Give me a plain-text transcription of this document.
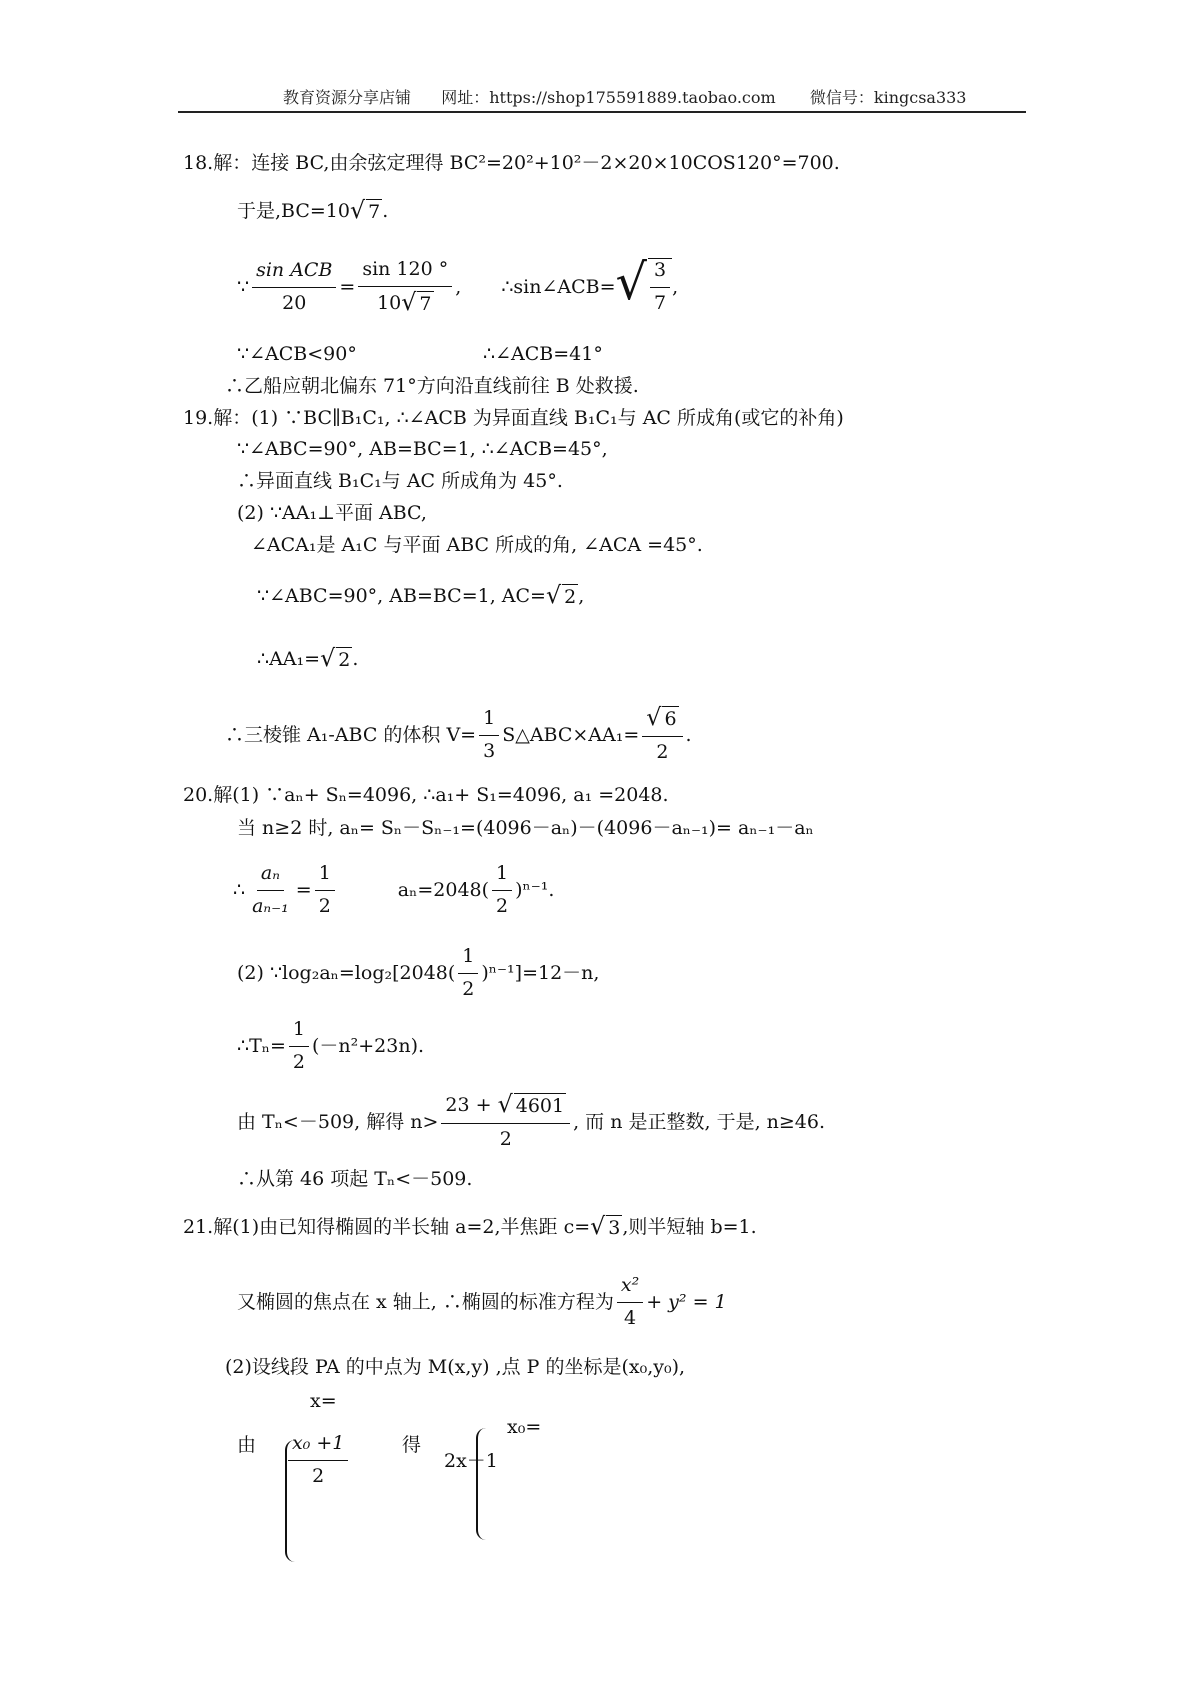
教育资源分享店铺 网址：https://shop175591889.taobao.com 微信号：kingcsa333
18.解：连接 BC,由余弦定理得 BC²=20²+10²－2×20×10COS120°=700.
于是,BC=10 √ 7 .
∵ $\frac{\text{sin ACB}}{20} = \frac{\sin 120 ^\circ}{10 √ 7}$ , ∴sin∠ACB= √ $\frac{3}{7}$ ,
∵∠ACB<90°	∴∠ACB=41°
∴乙船应朝北偏东 71°方向沿直线前往 B 处救援.
19.解：(1) ∵BC∥B₁C₁, ∴∠ACB 为异面直线 B₁C₁与 AC 所成角(或它的补角)
∵∠ABC=90°, AB=BC=1, ∴∠ACB=45°,
∴异面直线 B₁C₁与 AC 所成角为 45°.
(2) ∵AA₁⊥平面 ABC,
∠ACA₁是 A₁C 与平面 ABC 所成的角, ∠ACA =45°.
∵∠ABC=90°, AB=BC=1, AC= √ 2 ,
∴AA₁= √ 2 .
∴三棱锥 A₁-ABC 的体积 $V= \frac{1}{3}$ S△ABC×AA₁= $\frac{√ 6}{2}$ .
20.解(1) ∵aₙ+ Sₙ=4096, ∴a₁+ S₁=4096, a₁ =2048.
当 n≥2 时, aₙ= Sₙ－Sₙ₋₁=(4096－aₙ)－(4096－aₙ₋₁)= aₙ₋₁－aₙ
∴ $\frac{\text{aₙ}}{\text{aₙ₋₁}} = \frac{1}{2}$	$a_n=2048( \frac{1}{2} )^{n-1}$.
(2) ∵log₂aₙ=log₂[2048( $\frac{1}{2} )^{n-1}]=12-n$,
∴Tₙ= $\frac{1}{2} (-n^2+23n)$.
由 Tₙ<－509, 解得 $n> \frac{23 + √ 4601}{2}$ , 而 n 是正整数, 于是, n≥46.
∴从第 46 项起 Tₙ<－509.
21.解(1)由已知得椭圆的半长轴 a=2,半焦距 c= √ 3 ,则半短轴 b=1.
又椭圆的焦点在 x 轴上, ∴椭圆的标准方程为 $\frac{\text{x²}}{4} + y^2 = 1$
(2)设线段 PA 的中点为 M(x,y) ,点 P 的坐标是(x₀,y₀),
x=
由 $\frac{\text{x₀ +1}}{2}$	得
x₀=
2x－1
